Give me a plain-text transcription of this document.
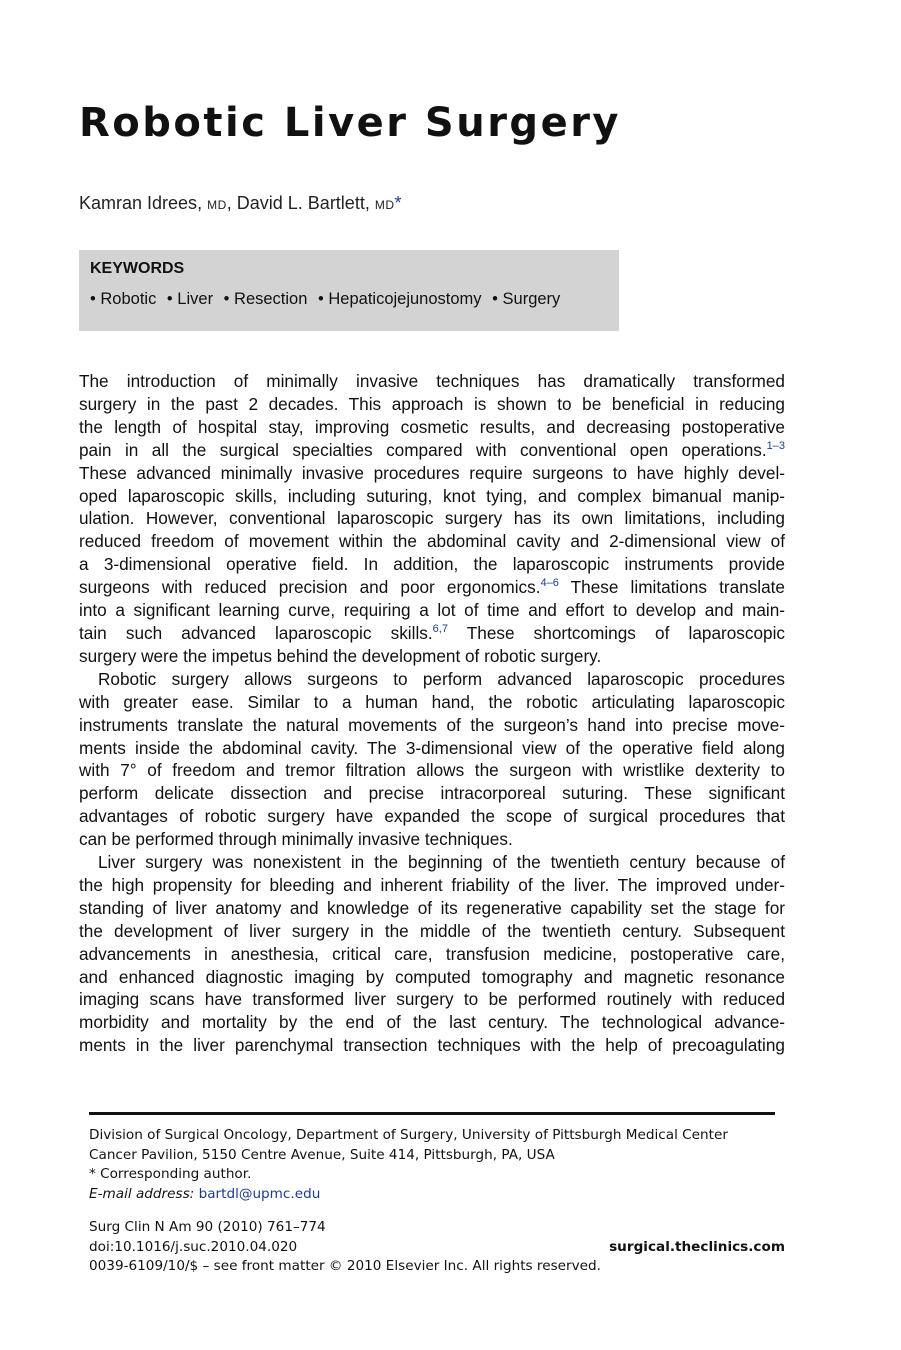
Robotic Liver Surgery
Kamran Idrees, MD, David L. Bartlett, MD*
KEYWORDS
• Robotic • Liver • Resection • Hepaticojejunostomy • Surgery
The introduction of minimally invasive techniques has dramatically transformed
surgery in the past 2 decades. This approach is shown to be beneficial in reducing
the length of hospital stay, improving cosmetic results, and decreasing postoperative
pain in all the surgical specialties compared with conventional open operations.$^{1-3}$
These advanced minimally invasive procedures require surgeons to have highly devel-
oped laparoscopic skills, including suturing, knot tying, and complex bimanual manip-
ulation. However, conventional laparoscopic surgery has its own limitations, including
reduced freedom of movement within the abdominal cavity and 2-dimensional view of
a 3-dimensional operative field. In addition, the laparoscopic instruments provide
surgeons with reduced precision and poor ergonomics.$^{4-6}$ These limitations translate
into a significant learning curve, requiring a lot of time and effort to develop and main-
tain such advanced laparoscopic skills.$^{6,7}$ These shortcomings of laparoscopic
surgery were the impetus behind the development of robotic surgery.
Robotic surgery allows surgeons to perform advanced laparoscopic procedures
with greater ease. Similar to a human hand, the robotic articulating laparoscopic
instruments translate the natural movements of the surgeon’s hand into precise move-
ments inside the abdominal cavity. The 3-dimensional view of the operative field along
with 7° of freedom and tremor filtration allows the surgeon with wristlike dexterity to
perform delicate dissection and precise intracorporeal suturing. These significant
advantages of robotic surgery have expanded the scope of surgical procedures that
can be performed through minimally invasive techniques.
Liver surgery was nonexistent in the beginning of the twentieth century because of
the high propensity for bleeding and inherent friability of the liver. The improved under-
standing of liver anatomy and knowledge of its regenerative capability set the stage for
the development of liver surgery in the middle of the twentieth century. Subsequent
advancements in anesthesia, critical care, transfusion medicine, postoperative care,
and enhanced diagnostic imaging by computed tomography and magnetic resonance
imaging scans have transformed liver surgery to be performed routinely with reduced
morbidity and mortality by the end of the last century. The technological advance-
ments in the liver parenchymal transection techniques with the help of precoagulating
Division of Surgical Oncology, Department of Surgery, University of Pittsburgh Medical Center
Cancer Pavilion, 5150 Centre Avenue, Suite 414, Pittsburgh, PA, USA
* Corresponding author.
E-mail address: bartdl@upmc.edu
Surg Clin N Am 90 (2010) 761–774
doi:10.1016/j.suc.2010.04.020
0039-6109/10/$ – see front matter © 2010 Elsevier Inc. All rights reserved.
surgical.theclinics.com
